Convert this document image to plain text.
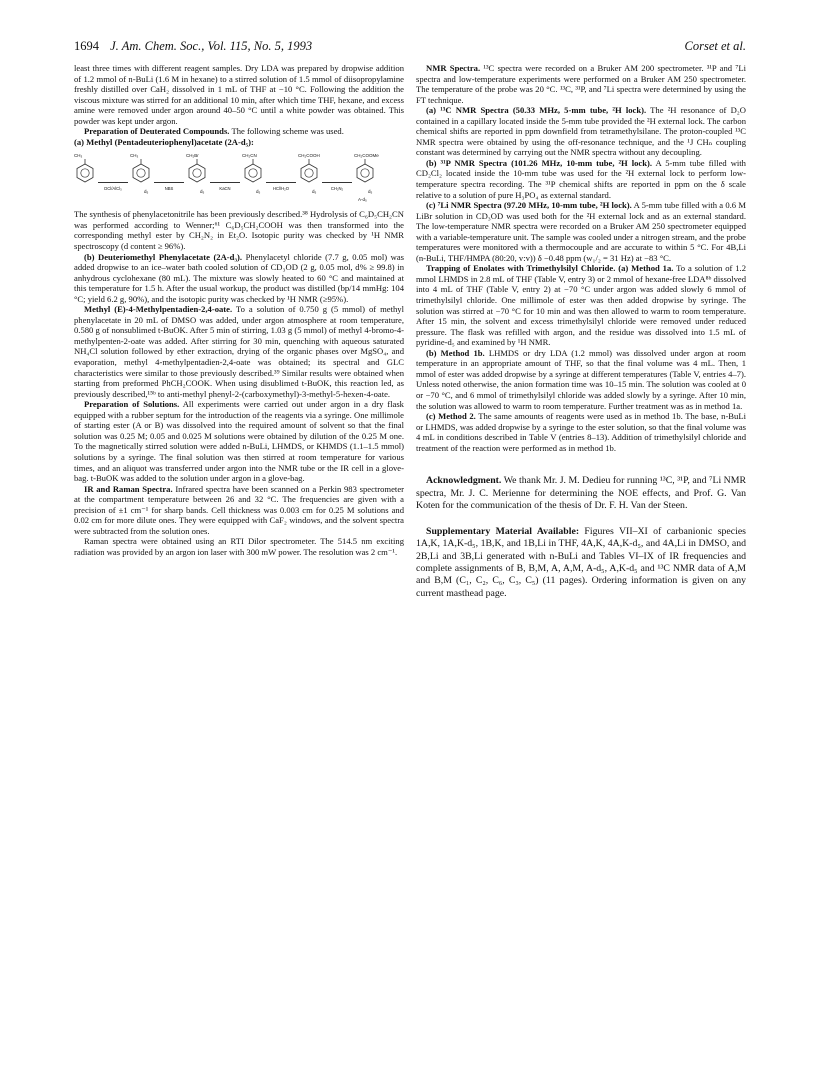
1694 J. Am. Chem. Soc., Vol. 115, No. 5, 1993	Corset et al.

least three times with different reagent samples. Dry LDA was prepared by dropwise addition of 1.2 mmol of n-BuLi (1.6 M in hexane) to a stirred solution of 1.5 mmol of diisopropylamine freshly distilled over CaH₂ dissolved in 1 mL of THF at −10 °C. Following the addition the viscous mixture was stirred for an additional 10 min, after which time THF, hexane, and excess amine were removed under argon around 40–50 °C until a white powder was obtained. This powder was kept under argon.

Preparation of Deuterated Compounds. The following scheme was used.

(a) Methyl (Pentadeuteriophenyl)acetate (2A-d₅):

CH₃	CH₃
d₅
CH₂Br
d₅
CH₂CN
d₅
CH₂COOH
d₅
CH₂COOMe
d₅
DCl/AlCl₃	NBS	KaCN	HCl/H₂O	CH₂N₂
A-d₅

The synthesis of phenylacetonitrile has been previously described.³⁸ Hydrolysis of C₆D₅CH₂CN was performed according to Wenner;⁶¹ C₆D₅CH₂COOH was then transformed into the corresponding methyl ester by CH₂N₂ in Et₂O. Isotopic purity was checked by ¹H NMR spectroscopy (d content ≥ 96%).

(b) Deuteriomethyl Phenylacetate (2A-d₃). Phenylacetyl chloride (7.7 g, 0.05 mol) was added dropwise to an ice–water bath cooled solution of CD₃OD (2 g, 0.05 mol, d% ≥ 99.8) in anhydrous cyclohexane (80 mL). The mixture was slowly heated to 60 °C and maintained at this temperature for 1.5 h. After the usual workup, the product was distilled (bp/14 mmHg: 104 °C; yield 6.2 g, 90%), and the isotopic purity was checked by ¹H NMR (≥95%).

Methyl (E)-4-Methylpentadien-2,4-oate. To a solution of 0.750 g (5 mmol) of methyl phenylacetate in 20 mL of DMSO was added, under argon atmosphere at room temperature, 0.580 g of nonsublimed t-BuOK. After 5 min of stirring, 1.03 g (5 mmol) of methyl 4-bromo-4-methylpenten-2-oate was added. After stirring for 30 min, quenching with aqueous saturated NH₄Cl solution followed by ether extraction, drying of the organic phases over MgSO₄, and evaporation, methyl 4-methylpentadien-2,4-oate was obtained; its spectral and GLC characteristics were similar to those previously described.³⁹ Similar results were obtained when starting from preformed PhCH₂COOK. When using disublimed t-BuOK, this reaction led, as previously described,¹⁵ᵇ to anti-methyl phenyl-2-(carboxymethyl)-3-methyl-5-hexen-4-oate.

Preparation of Solutions. All experiments were carried out under argon in a dry flask equipped with a rubber septum for the introduction of the reagents via a syringe. One millimole of starting ester (A or B) was dissolved into the required amount of solvent so that the final solution was 0.25 M; 0.05 and 0.025 M solutions were obtained by dilution of the 0.25 M one. To the magnetically stirred solution were added n-BuLi, LHMDS, or KHMDS (1.1–1.5 mmol) solutions by a syringe. The final solution was then stirred at room temperature for various times, and an aliquot was transferred under argon into the NMR tube or the IR cell in a glove-bag. t-BuOK was added to the solution under argon in a glove-bag.

IR and Raman Spectra. Infrared spectra have been scanned on a Perkin 983 spectrometer at the compartment temperature between 26 and 32 °C. The frequencies are given with a precision of ±1 cm⁻¹ for sharp bands. Cell thickness was 0.003 cm for 0.25 M solutions and 0.02 cm for more dilute ones. They were equipped with CaF₂ windows, and the solvent spectra were subtracted from the solution ones.

Raman spectra were obtained using an RTI Dilor spectrometer. The 514.5 nm exciting radiation was provided by an argon ion laser with 300 mW power. The resolution was 2 cm⁻¹.

NMR Spectra. ¹³C spectra were recorded on a Bruker AM 200 spectrometer. ³¹P and ⁷Li spectra and low-temperature experiments were performed on a Bruker AM 250 spectrometer. The temperature of the probe was 20 °C. ¹³C, ³¹P, and ⁷Li spectra were determined by using the FT technique.

(a) ¹³C NMR Spectra (50.33 MHz, 5-mm tube, ²H lock). The ²H resonance of D₂O contained in a capillary located inside the 5-mm tube provided the ²H external lock. The carbon chemical shifts are reported in ppm downfield from tetramethylsilane. The proton-coupled ¹³C NMR spectra were obtained by using the off-resonance technique, and the ¹J CHₙ coupling constant was determined by carrying out the NMR spectra without any decoupling.

(b) ³¹P NMR Spectra (101.26 MHz, 10-mm tube, ²H lock). A 5-mm tube filled with CD₂Cl₂ located inside the 10-mm tube was used for the ²H external lock to perform low-temperature spectra recording. The ³¹P chemical shifts are reported in ppm on the δ scale relative to a solution of pure H₃PO₄ as external standard.

(c) ⁷Li NMR Spectra (97.20 MHz, 10-mm tube, ²H lock). A 5-mm tube filled with a 0.6 M LiBr solution in CD₃OD was used both for the ²H external lock and as an external standard. The low-temperature NMR spectra were recorded on a Bruker AM 250 spectrometer equipped with a variable-temperature unit. The sample was cooled under a nitrogen stream, and the probe temperatures were monitored with a thermocouple and are accurate to within 5 °C. For 4B,Li (n-BuLi, THF/HMPA (80:20, v:v)) δ −0.48 ppm (w₁/₂ = 31 Hz) at −83 °C.

Trapping of Enolates with Trimethylsilyl Chloride. (a) Method 1a. To a solution of 1.2 mmol LHMDS in 2.8 mL of THF (Table V, entry 3) or 2 mmol of hexane-free LDA⁸ᵇ dissolved into 4 mL of THF (Table V, entry 2) at −70 °C under argon was added slowly 6 mmol of trimethylsilyl chloride. One millimole of ester was then added dropwise by syringe. The solution was stirred at −70 °C for 10 min and was then allowed to warm to room temperature. After 15 min, the solvent and excess trimethylsilyl chloride were removed under reduced pressure. The flask was refilled with argon, and the residue was dissolved into 1.5 mL of pyridine-d₅ and examined by ¹H NMR.

(b) Method 1b. LHMDS or dry LDA (1.2 mmol) was dissolved under argon at room temperature in an appropriate amount of THF, so that the final volume was 4 mL. Then, 1 mmol of ester was added dropwise by a syringe at different temperatures (Table V, entries 4–7). Unless noted otherwise, the anion formation time was 10–15 min. The solution was cooled at 0 or −70 °C, and 6 mmol of trimethylsilyl chloride was added slowly by a syringe. After 10 min, the solution was allowed to warm to room temperature. Further treatment was as in method 1a.

(c) Method 2. The same amounts of reagents were used as in method 1b. The base, n-BuLi or LHMDS, was added dropwise by a syringe to the ester solution, so that the final volume was 4 mL in conditions described in Table V (entries 8–13). Addition of trimethylsilyl chloride and treatment of the reaction were performed as in method 1b.

Acknowledgment. We thank Mr. J. M. Dedieu for running ¹³C, ³¹P, and ⁷Li NMR spectra, Mr. J. C. Merienne for determining the NOE effects, and Prof. G. Van Koten for the communication of the thesis of Dr. F. H. Van der Steen.

Supplementary Material Available: Figures VII–XI of carbanionic species 1A,K, 1A,K-d₅, 1B,K, and 1B,Li in THF, 4A,K, 4A,K-d₅, and 4A,Li in DMSO, and 2B,Li and 3B,Li generated with n-BuLi and Tables VI–IX of IR frequencies and complete assignments of B, B,M, A, A,M, A-d₅, A,K-d₅ and ¹³C NMR data of A,M and B,M (C₁, C₂, C₆, C₃, C₅) (11 pages). Ordering information is given on any current masthead page.
